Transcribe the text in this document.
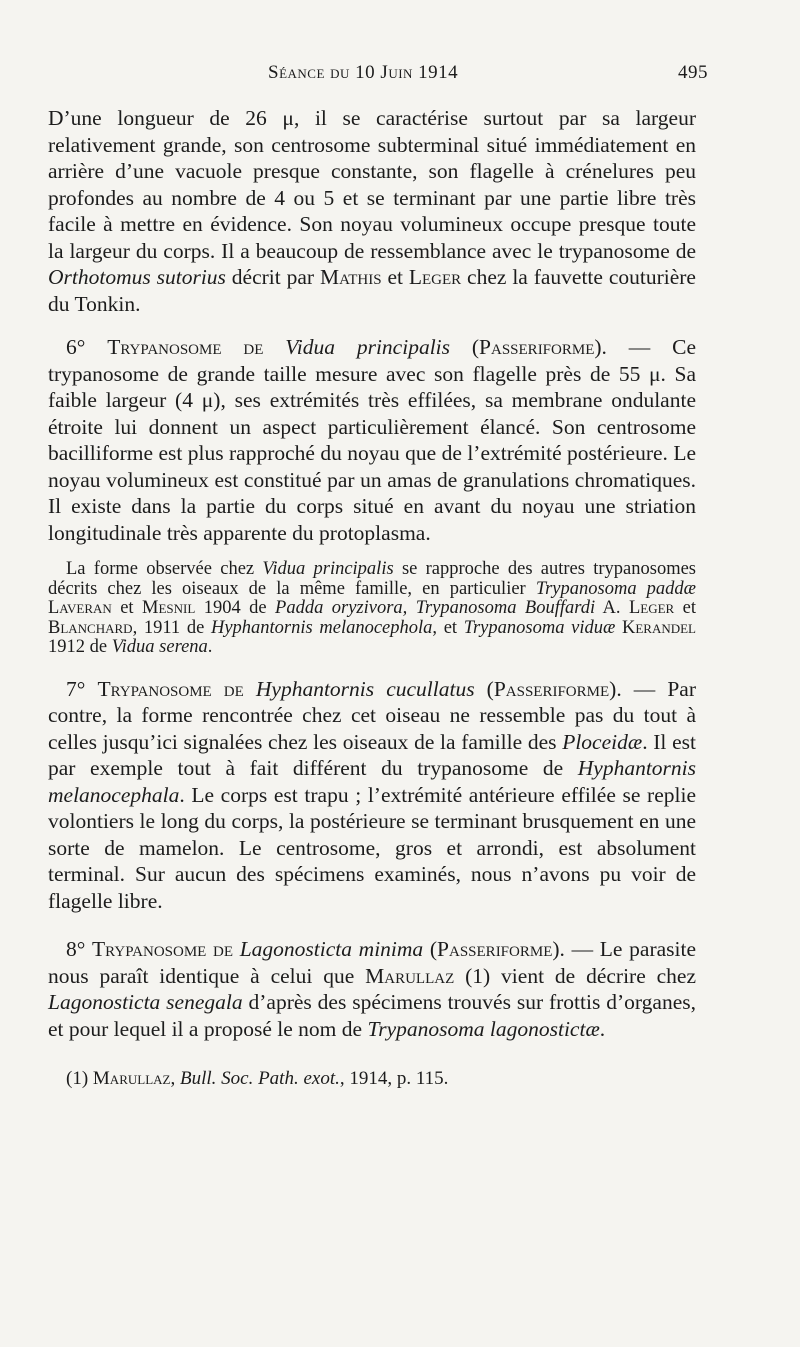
Séance du 10 Juin 1914	495

D’une longueur de 26 μ, il se caractérise surtout par sa largeur relativement grande, son centrosome subterminal situé immédiatement en arrière d’une vacuole presque constante, son flagelle à crénelures peu profondes au nombre de 4 ou 5 et se terminant par une partie libre très facile à mettre en évidence. Son noyau volumineux occupe presque toute la largeur du corps. Il a beaucoup de ressemblance avec le trypanosome de Orthotomus sutorius décrit par Mathis et Leger chez la fauvette couturière du Tonkin.

6° Trypanosome de Vidua principalis (Passeriforme). — Ce trypanosome de grande taille mesure avec son flagelle près de 55 μ. Sa faible largeur (4 μ), ses extrémités très effilées, sa membrane ondulante étroite lui donnent un aspect particulièrement élancé. Son centrosome bacilliforme est plus rapproché du noyau que de l’extrémité postérieure. Le noyau volumineux est constitué par un amas de granulations chromatiques. Il existe dans la partie du corps situé en avant du noyau une striation longitudinale très apparente du protoplasma.

La forme observée chez Vidua principalis se rapproche des autres trypanosomes décrits chez les oiseaux de la même famille, en particulier Trypanosoma paddæ Laveran et Mesnil 1904 de Padda oryzivora, Trypanosoma Bouffardi A. Leger et Blanchard, 1911 de Hyphantornis melanocephola, et Trypanosoma viduæ Kerandel 1912 de Vidua serena.

7° Trypanosome de Hyphantornis cucullatus (Passeriforme). — Par contre, la forme rencontrée chez cet oiseau ne ressemble pas du tout à celles jusqu’ici signalées chez les oiseaux de la famille des Ploceidæ. Il est par exemple tout à fait différent du trypanosome de Hyphantornis melanocephala. Le corps est trapu ; l’extrémité antérieure effilée se replie volontiers le long du corps, la postérieure se terminant brusquement en une sorte de mamelon. Le centrosome, gros et arrondi, est absolument terminal. Sur aucun des spécimens examinés, nous n’avons pu voir de flagelle libre.

8° Trypanosome de Lagonosticta minima (Passeriforme). — Le parasite nous paraît identique à celui que Marullaz (1) vient de décrire chez Lagonosticta senegala d’après des spécimens trouvés sur frottis d’organes, et pour lequel il a proposé le nom de Trypanosoma lagonostictæ.

(1) Marullaz, Bull. Soc. Path. exot., 1914, p. 115.
